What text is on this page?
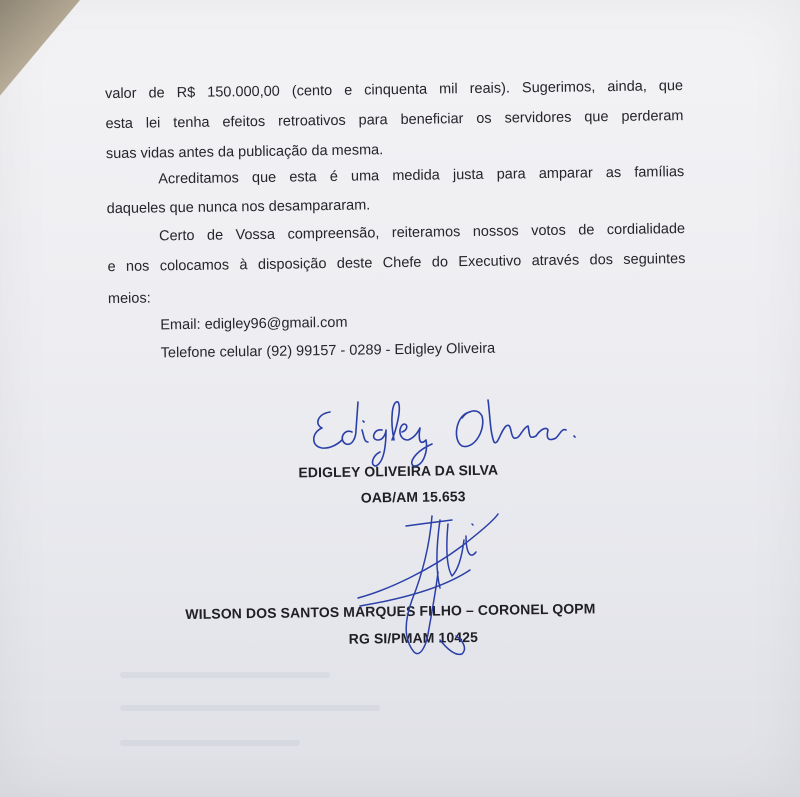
valor de R$ 150.000,00 (cento e cinquenta mil reais). Sugerimos, ainda, que
esta lei tenha efeitos retroativos para beneficiar os servidores que perderam
suas vidas antes da publicação da mesma.
Acreditamos que esta é uma medida justa para amparar as famílias
daqueles que nunca nos desampararam.
Certo de Vossa compreensão, reiteramos nossos votos de cordialidade
e nos colocamos à disposição deste Chefe do Executivo através dos seguintes
meios:
Email: edigley96@gmail.com
Telefone celular (92) 99157 - 0289 - Edigley Oliveira
EDIGLEY OLIVEIRA DA SILVA
OAB/AM 15.653
WILSON DOS SANTOS MARQUES FILHO – CORONEL QOPM
RG SI/PMAM 10425
